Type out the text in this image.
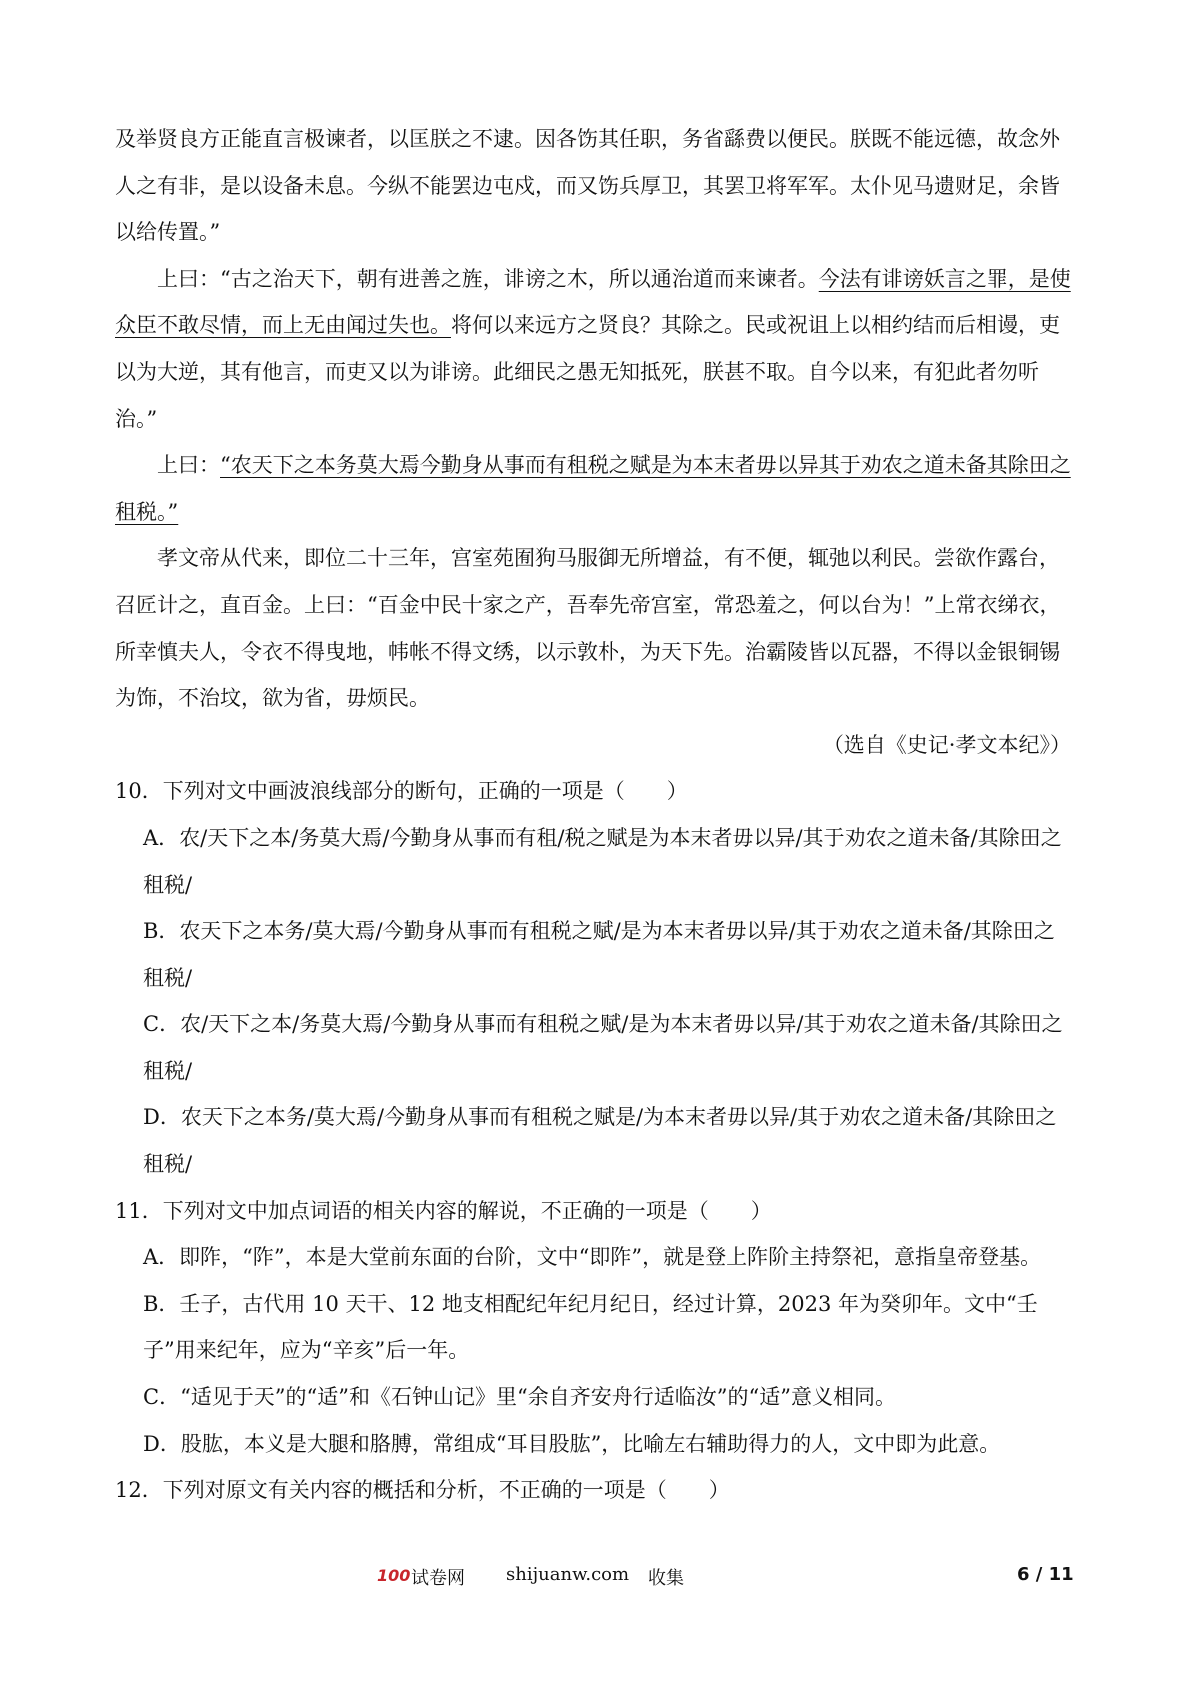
及举贤良方正能直言极谏者，以匡朕之不逮。因各饬其任职，务省繇费以便民。朕既不能远德，故念外人之有非，是以设备未息。今纵不能罢边屯戍，而又饬兵厚卫，其罢卫将军军。太仆见马遗财足，余皆以给传置。”

上曰：“古之治天下，朝有进善之旌，诽谤之木，所以通治道而来谏者。今法有诽谤妖言之罪，是使众臣不敢尽情，而上无由闻过失也。将何以来远方之贤良？其除之。民或祝诅上以相约结而后相谩，吏以为大逆，其有他言，而吏又以为诽谤。此细民之愚无知抵死，朕甚不取。自今以来，有犯此者勿听治。”

上曰：“农天下之本务莫大焉今勤身从事而有租税之赋是为本末者毋以异其于劝农之道未备其除田之租税。”

孝文帝从代来，即位二十三年，宫室苑囿狗马服御无所增益，有不便，辄弛以利民。尝欲作露台，召匠计之，直百金。上曰：“百金中民十家之产，吾奉先帝宫室，常恐羞之，何以台为！”上常衣绨衣，所幸慎夫人，令衣不得曳地，帏帐不得文绣，以示敦朴，为天下先。治霸陵皆以瓦器，不得以金银铜锡为饰，不治坟，欲为省，毋烦民。

（选自《史记·孝文本纪》）

10．下列对文中画波浪线部分的断句，正确的一项是（　　）

A．农/天下之本/务莫大焉/今勤身从事而有租/税之赋是为本末者毋以异/其于劝农之道未备/其除田之租税/

B．农天下之本务/莫大焉/今勤身从事而有租税之赋/是为本末者毋以异/其于劝农之道未备/其除田之租税/

C．农/天下之本/务莫大焉/今勤身从事而有租税之赋/是为本末者毋以异/其于劝农之道未备/其除田之租税/

D．农天下之本务/莫大焉/今勤身从事而有租税之赋是/为本末者毋以异/其于劝农之道未备/其除田之租税/

11．下列对文中加点词语的相关内容的解说，不正确的一项是（　　）

A．即阼，“阼”，本是大堂前东面的台阶，文中“即阼”，就是登上阼阶主持祭祀，意指皇帝登基。

B．壬子，古代用 10 天干、12 地支相配纪年纪月纪日，经过计算，2023 年为癸卯年。文中“壬子”用来纪年，应为“辛亥”后一年。

C．“适见于天”的“适”和《石钟山记》里“余自齐安舟行适临汝”的“适”意义相同。

D．股肱，本义是大腿和胳膊，常组成“耳目股肱”，比喻左右辅助得力的人，文中即为此意。

12．下列对原文有关内容的概括和分析，不正确的一项是（　　）

100 试卷网 shijuanw.com 收集	6 / 11
